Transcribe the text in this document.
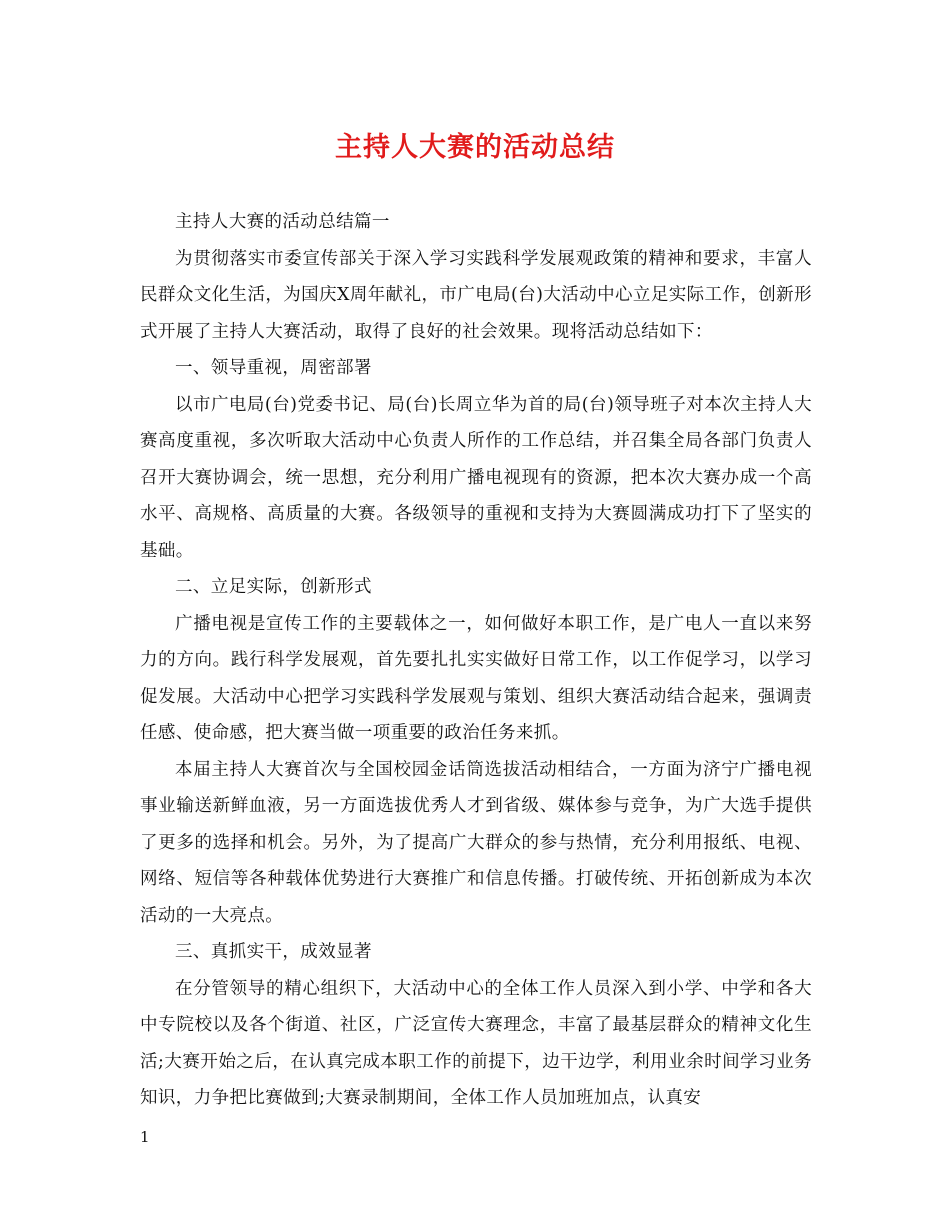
主持人大赛的活动总结

主持人大赛的活动总结篇一

为贯彻落实市委宣传部关于深入学习实践科学发展观政策的精神和要求，丰富人民群众文化生活，为国庆X周年献礼，市广电局(台)大活动中心立足实际工作，创新形式开展了主持人大赛活动，取得了良好的社会效果。现将活动总结如下：

一、领导重视，周密部署

以市广电局(台)党委书记、局(台)长周立华为首的局(台)领导班子对本次主持人大赛高度重视，多次听取大活动中心负责人所作的工作总结，并召集全局各部门负责人召开大赛协调会，统一思想，充分利用广播电视现有的资源，把本次大赛办成一个高水平、高规格、高质量的大赛。各级领导的重视和支持为大赛圆满成功打下了坚实的基础。

二、立足实际，创新形式

广播电视是宣传工作的主要载体之一，如何做好本职工作，是广电人一直以来努力的方向。践行科学发展观，首先要扎扎实实做好日常工作，以工作促学习，以学习促发展。大活动中心把学习实践科学发展观与策划、组织大赛活动结合起来，强调责任感、使命感，把大赛当做一项重要的政治任务来抓。

本届主持人大赛首次与全国校园金话筒选拔活动相结合，一方面为济宁广播电视事业输送新鲜血液，另一方面选拔优秀人才到省级、媒体参与竞争，为广大选手提供了更多的选择和机会。另外，为了提高广大群众的参与热情，充分利用报纸、电视、网络、短信等各种载体优势进行大赛推广和信息传播。打破传统、开拓创新成为本次活动的一大亮点。

三、真抓实干，成效显著

在分管领导的精心组织下，大活动中心的全体工作人员深入到小学、中学和各大中专院校以及各个街道、社区，广泛宣传大赛理念，丰富了最基层群众的精神文化生活;大赛开始之后，在认真完成本职工作的前提下，边干边学，利用业余时间学习业务知识，力争把比赛做到;大赛录制期间，全体工作人员加班加点，认真安

1
